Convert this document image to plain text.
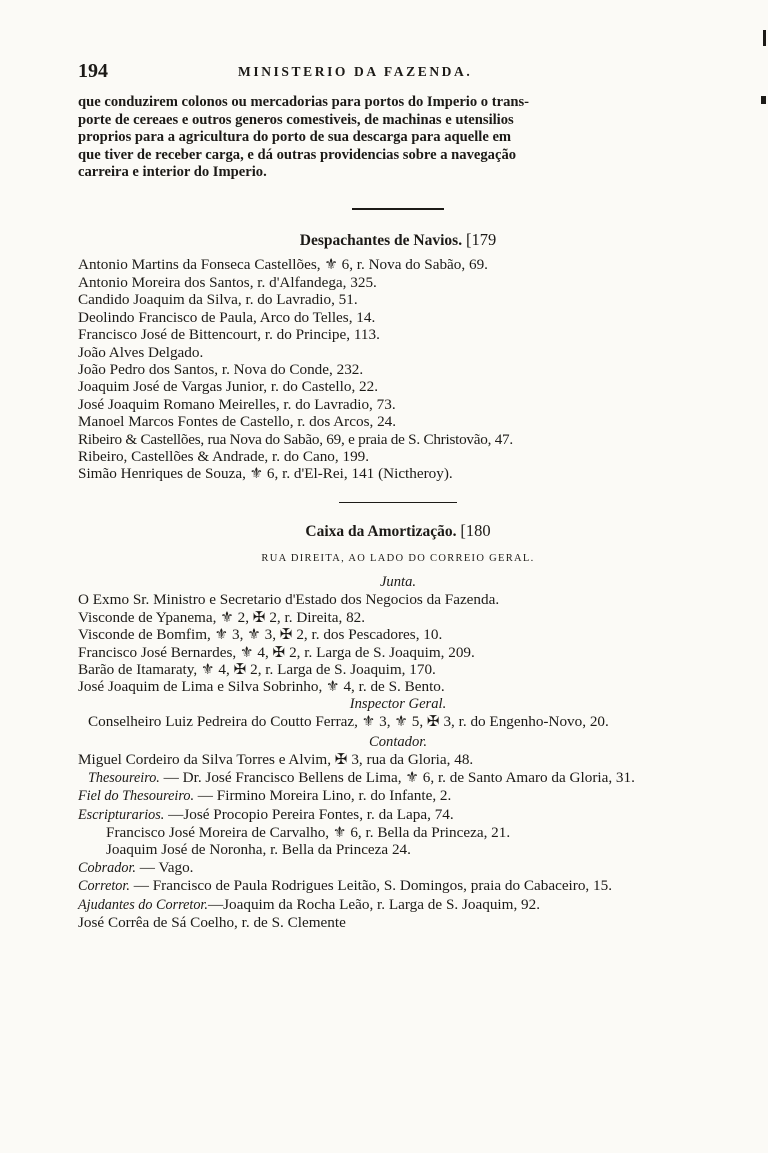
194	MINISTERIO DA FAZENDA.
que conduzirem colonos ou mercadorias para portos do Imperio o trans-
porte de cereaes e outros generos comestiveis, de machinas e utensilios
proprios para a agricultura do porto de sua descarga para aquelle em
que tiver de receber carga, e dá outras providencias sobre a navegação
carreira e interior do Imperio.
Despachantes de Navios. [179
Antonio Martins da Fonseca Castellões, ⚜ 6, r. Nova do Sabão, 69.
Antonio Moreira dos Santos, r. d'Alfandega, 325.
Candido Joaquim da Silva, r. do Lavradio, 51.
Deolindo Francisco de Paula, Arco do Telles, 14.
Francisco José de Bittencourt, r. do Principe, 113.
João Alves Delgado.
João Pedro dos Santos, r. Nova do Conde, 232.
Joaquim José de Vargas Junior, r. do Castello, 22.
José Joaquim Romano Meirelles, r. do Lavradio, 73.
Manoel Marcos Fontes de Castello, r. dos Arcos, 24.
Ribeiro & Castellões, rua Nova do Sabão, 69, e praia de S. Christovão, 47.
Ribeiro, Castellões & Andrade, r. do Cano, 199.
Simão Henriques de Souza, ⚜ 6, r. d'El-Rei, 141 (Nictheroy).
Caixa da Amortização. [180
RUA DIREITA, AO LADO DO CORREIO GERAL.
Junta.
O Exmo Sr. Ministro e Secretario d'Estado dos Negocios da Fazenda.
Visconde de Ypanema, ⚜ 2, ✠ 2, r. Direita, 82.
Visconde de Bomfim, ⚜ 3, ⚜ 3, ✠ 2, r. dos Pescadores, 10.
Francisco José Bernardes, ⚜ 4, ✠ 2, r. Larga de S. Joaquim, 209.
Barão de Itamaraty, ⚜ 4, ✠ 2, r. Larga de S. Joaquim, 170.
José Joaquim de Lima e Silva Sobrinho, ⚜ 4, r. de S. Bento.
Inspector Geral.
Conselheiro Luiz Pedreira do Coutto Ferraz, ⚜ 3, ⚜ 5, ✠ 3, r. do Engenho-Novo, 20.
Contador.
Miguel Cordeiro da Silva Torres e Alvim, ✠ 3, rua da Gloria, 48.
Thesoureiro. — Dr. José Francisco Bellens de Lima, ⚜ 6, r. de Santo Amaro da Gloria, 31.
Fiel do Thesoureiro. — Firmino Moreira Lino, r. do Infante, 2.
Escripturarios. —José Procopio Pereira Fontes, r. da Lapa, 74.
Francisco José Moreira de Carvalho, ⚜ 6, r. Bella da Princeza, 21.
Joaquim José de Noronha, r. Bella da Princeza 24.
Cobrador. — Vago.
Corretor. — Francisco de Paula Rodrigues Leitão, S. Domingos, praia do Cabaceiro, 15.
Ajudantes do Corretor.—Joaquim da Rocha Leão, r. Larga de S. Joaquim, 92.
José Corrêa de Sá Coelho, r. de S. Clemente
